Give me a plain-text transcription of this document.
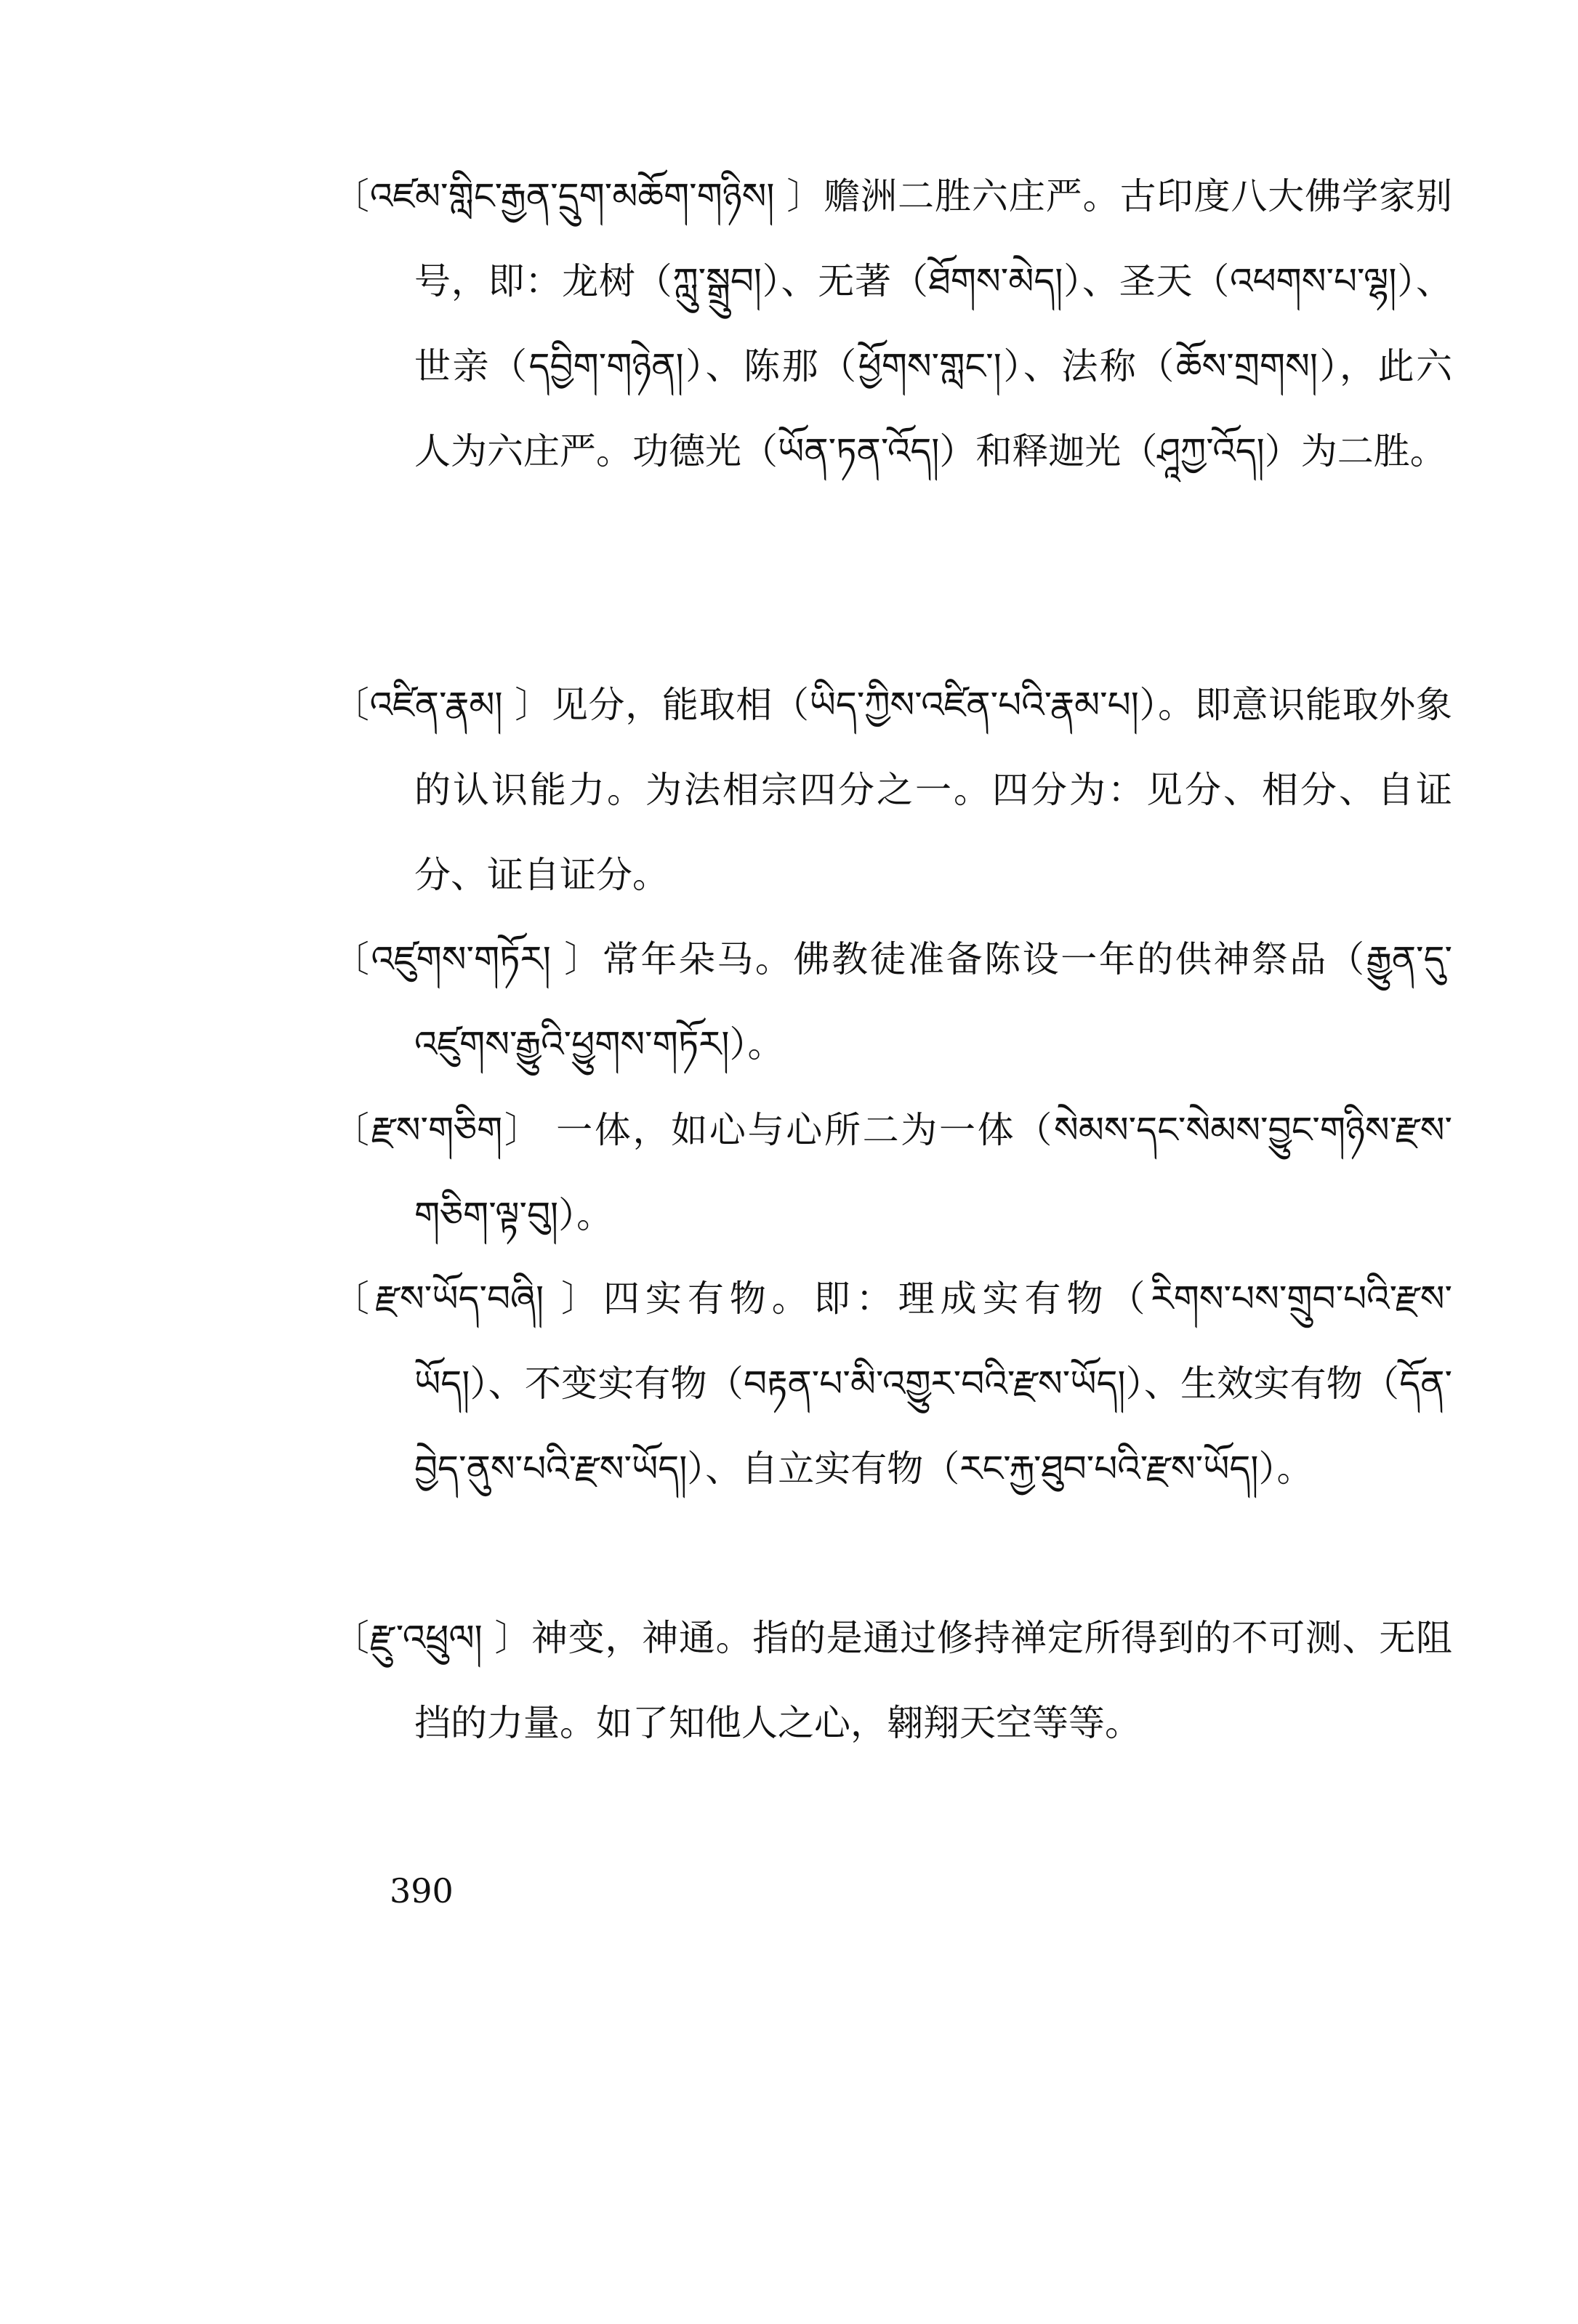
〔འཛམ་གླིང་རྒྱན་དྲུག་མཆོག་གཉིས། 〕赡洲二胜六庄严。古印度八大佛学家别号，即：龙树（ཀླུ་སྒྲུབ།）、无著（ཐོགས་མེད།）、圣天（འཕགས་པ་ལྷ།）、世亲（དབྱིག་གཉེན།）、陈那（ཕྱོགས་གླང་།）、法称（ཆོས་གྲགས།），此六人为六庄严。功德光（ཡོན་ཏན་འོད།）和释迦光（ཤཱཀྱ་འོད།）为二胜。

〔འཛིན་རྣམ། 〕见分，能取相（ཡིད་ཀྱིས་འཛིན་པའི་རྣམ་པ།）。即意识能取外象的认识能力。为法相宗四分之一。四分为：见分、相分、自证分、证自证分。

〔འཛུགས་གཏོར། 〕常年朵马。佛教徒准备陈设一年的供神祭品（རྒྱུན་དུ་འཛུགས་རྒྱུའི་ཕྱུགས་གཏོར།）。

〔རྫས་གཅིག〕 一体，如心与心所二为一体（སེམས་དང་སེམས་བྱུང་གཉིས་རྫས་གཅིག་ལྟ་བུ།）。

〔རྫས་ཡོད་བཞི། 〕四实有物。即：理成实有物（རིགས་པས་གྲུབ་པའི་རྫས་ཡོད།）、不变实有物（བརྟན་པ་མི་འགྱུར་བའི་རྫས་ཡོད།）、生效实有物（དོན་བྱེད་ནུས་པའི་རྫས་ཡོད།）、自立实有物（རང་རྐྱ་ཐུབ་པའི་རྫས་ཡོད།）。

〔རྫུ་འཕྲུལ། 〕神变，神通。指的是通过修持禅定所得到的不可测、无阻挡的力量。如了知他人之心，翱翔天空等等。

390
